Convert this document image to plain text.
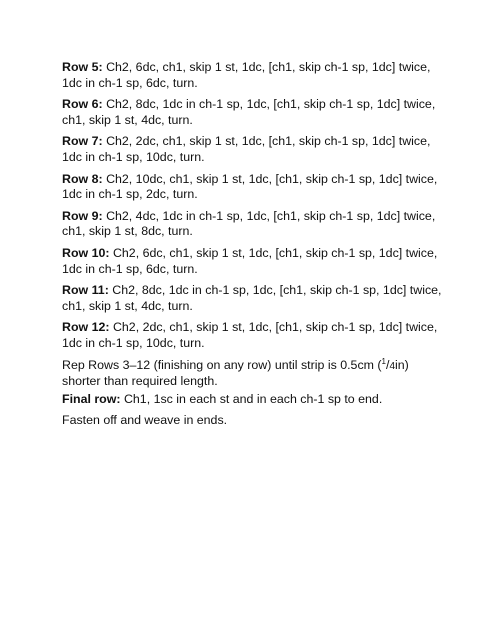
Row 5: Ch2, 6dc, ch1, skip 1 st, 1dc, [ch1, skip ch-1 sp, 1dc] twice, 1dc in ch-1 sp, 6dc, turn.

Row 6: Ch2, 8dc, 1dc in ch-1 sp, 1dc, [ch1, skip ch-1 sp, 1dc] twice, ch1, skip 1 st, 4dc, turn.

Row 7: Ch2, 2dc, ch1, skip 1 st, 1dc, [ch1, skip ch-1 sp, 1dc] twice, 1dc in ch-1 sp, 10dc, turn.

Row 8: Ch2, 10dc, ch1, skip 1 st, 1dc, [ch1, skip ch-1 sp, 1dc] twice, 1dc in ch-1 sp, 2dc, turn.

Row 9: Ch2, 4dc, 1dc in ch-1 sp, 1dc, [ch1, skip ch-1 sp, 1dc] twice, ch1, skip 1 st, 8dc, turn.

Row 10: Ch2, 6dc, ch1, skip 1 st, 1dc, [ch1, skip ch-1 sp, 1dc] twice, 1dc in ch-1 sp, 6dc, turn.

Row 11: Ch2, 8dc, 1dc in ch-1 sp, 1dc, [ch1, skip ch-1 sp, 1dc] twice, ch1, skip 1 st, 4dc, turn.

Row 12: Ch2, 2dc, ch1, skip 1 st, 1dc, [ch1, skip ch-1 sp, 1dc] twice, 1dc in ch-1 sp, 10dc, turn.

Rep Rows 3–12 (finishing on any row) until strip is 0.5cm ($^1$/4in) shorter than required length.

Final row: Ch1, 1sc in each st and in each ch-1 sp to end.

Fasten off and weave in ends.
